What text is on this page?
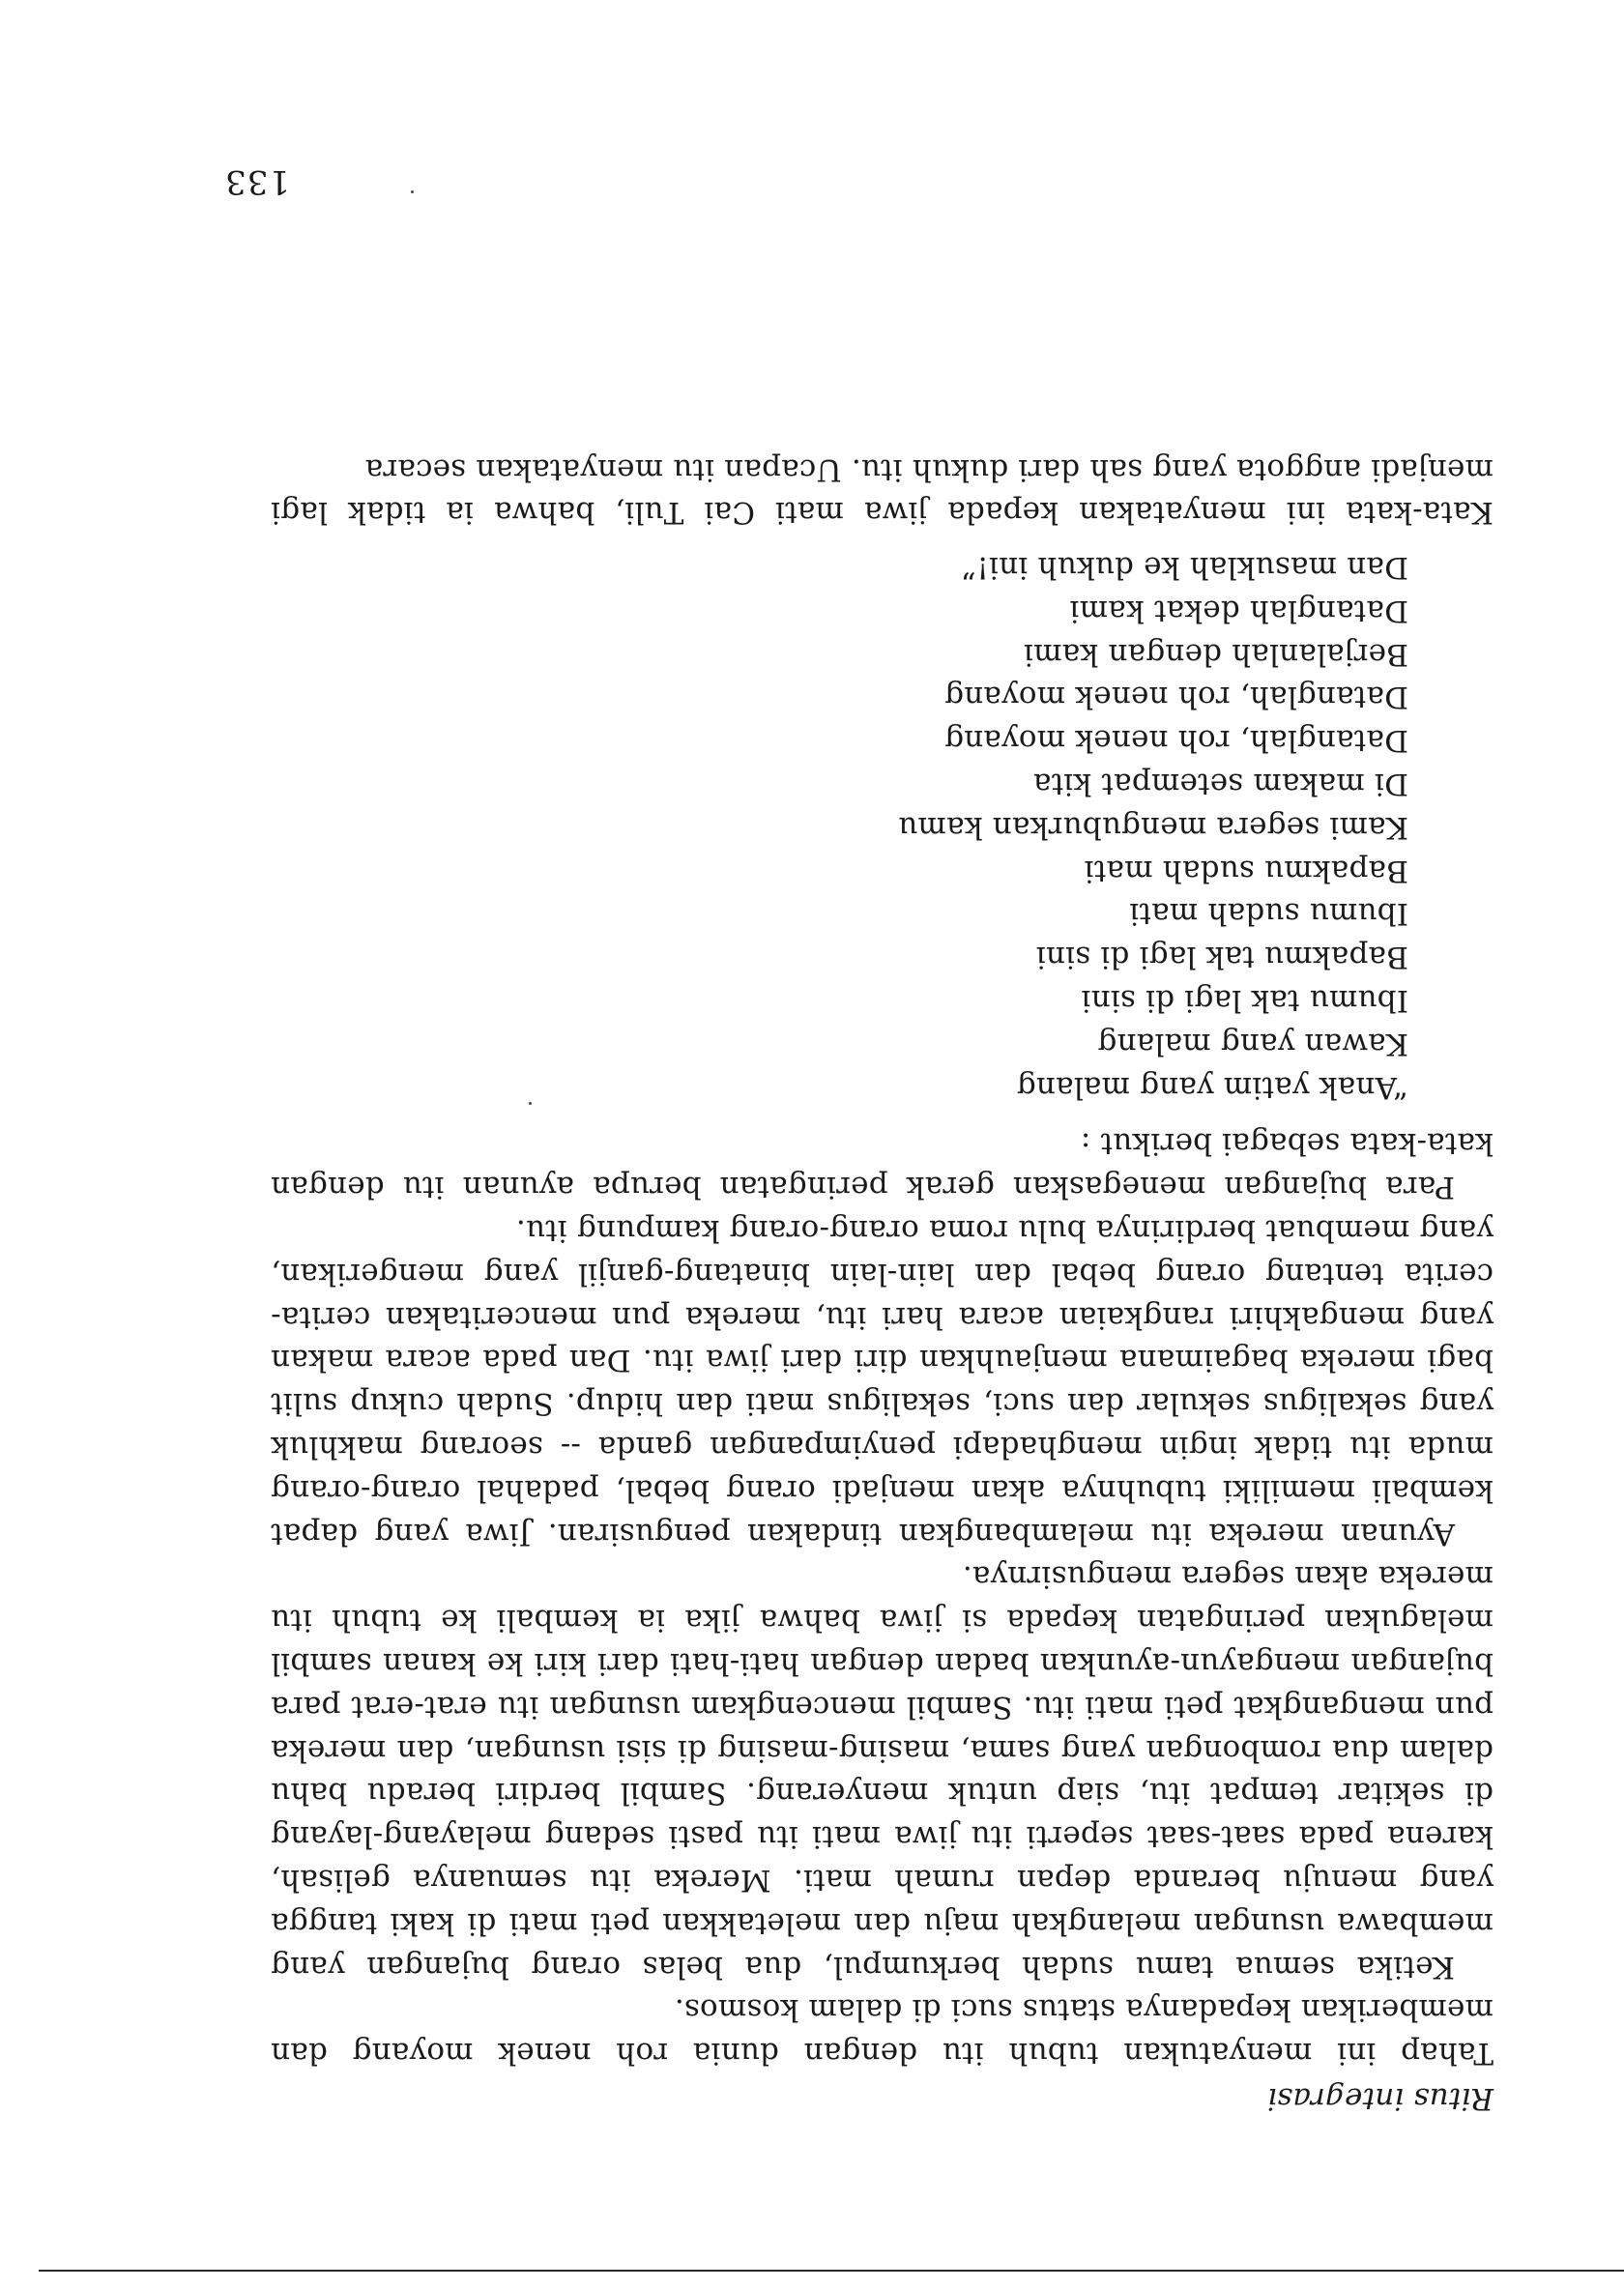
Ritus integrasi

Tahap ini menyatukan tubuh itu dengan dunia roh nenek moyang dan memberikan kepadanya status suci di dalam kosmos.

Ketika semua tamu sudah berkumpul, dua belas orang bujangan yang membawa usungan melangkah maju dan meletakkan peti mati di kaki tangga yang menuju beranda depan rumah mati. Mereka itu semuanya gelisah, karena pada saat-saat seperti itu jiwa mati itu pasti sedang melayang-layang di sekitar tempat itu, siap untuk menyerang. Sambil berdiri beradu bahu dalam dua rombongan yang sama, masing-masing di sisi usungan, dan mereka pun mengangkat peti mati itu. Sambil mencengkam usungan itu erat-erat para bujangan mengayun-ayunkan badan dengan hati-hati dari kiri ke kanan sambil melagukan peringatan kepada si jiwa bahwa jika ia kembali ke tubuh itu mereka akan segera mengusirnya.

Ayunan mereka itu melambangkan tindakan pengusiran. Jiwa yang dapat kembali memiliki tubuhnya akan menjadi orang bebal, padahal orang-orang muda itu tidak ingin menghadapi penyimpangan ganda -- seorang makhluk yang sekaligus sekular dan suci, sekaligus mati dan hidup. Sudah cukup sulit bagi mereka bagaimana menjauhkan diri dari jiwa itu. Dan pada acara makan yang mengakhiri rangkaian acara hari itu, mereka pun menceritakan cerita-cerita tentang orang bebal dan lain-lain binatang-ganjil yang mengerikan, yang membuat berdirinya bulu roma orang-orang kampung itu.

Para bujangan menegaskan gerak peringatan berupa ayunan itu dengan kata-kata sebagai berikut :

“Anak yatim yang malang
Kawan yang malang
Ibumu tak lagi di sini
Bapakmu tak lagi di sini
Ibumu sudah mati
Bapakmu sudah mati
Kami segera menguburkan kamu
Di makam setempat kita
Datanglah, roh nenek moyang
Datanglah, roh nenek moyang
Berjalanlah dengan kami
Datanglah dekat kami
Dan masuklah ke dukuh ini!”

Kata-kata ini menyatakan kepada jiwa mati Cai Tuli, bahwa ia tidak lagi menjadi anggota yang sah dari dukuh itu. Ucapan itu menyatakan secara

133
